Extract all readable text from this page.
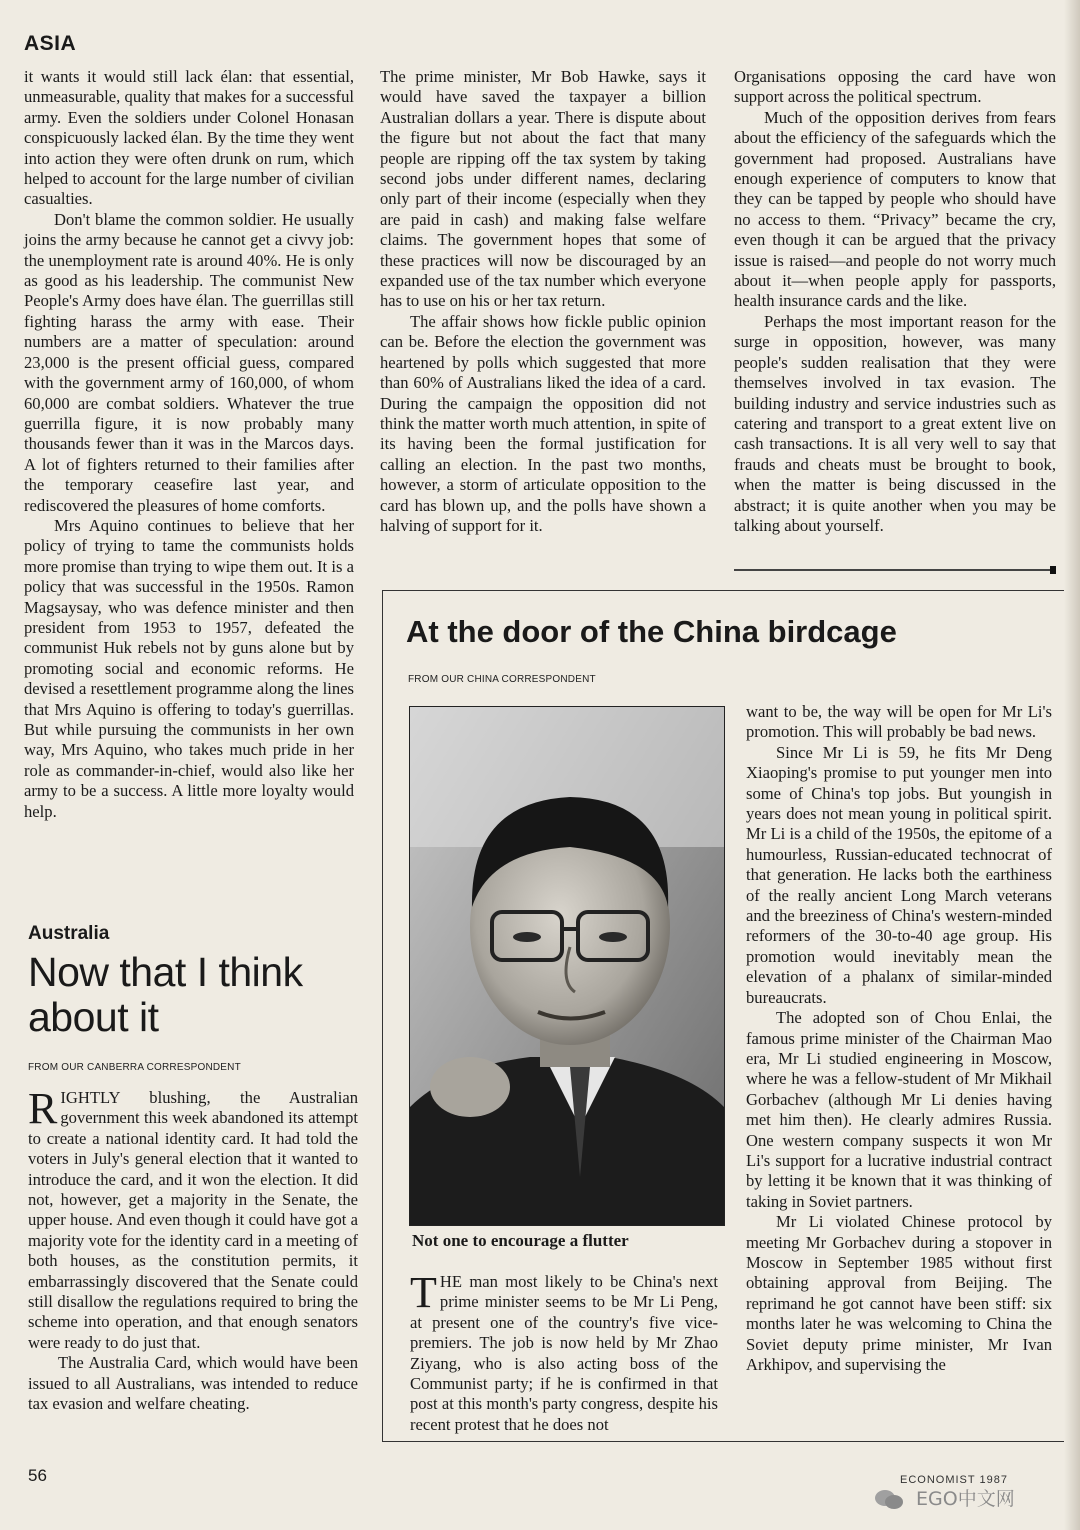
ASIA

it wants it would still lack élan: that essential, unmeasurable, quality that makes for a successful army. Even the soldiers under Colonel Honasan conspicuously lacked élan. By the time they went into action they were often drunk on rum, which helped to account for the large number of civilian casualties.

Don't blame the common soldier. He usually joins the army because he cannot get a civvy job: the unemployment rate is around 40%. He is only as good as his leadership. The communist New People's Army does have élan. The guerrillas still fighting harass the army with ease. Their numbers are a matter of speculation: around 23,000 is the present official guess, compared with the government army of 160,000, of whom 60,000 are combat soldiers. Whatever the true guerrilla figure, it is now probably many thousands fewer than it was in the Marcos days. A lot of fighters returned to their families after the temporary ceasefire last year, and rediscovered the pleasures of home comforts.

Mrs Aquino continues to believe that her policy of trying to tame the communists holds more promise than trying to wipe them out. It is a policy that was successful in the 1950s. Ramon Magsaysay, who was defence minister and then president from 1953 to 1957, defeated the communist Huk rebels not by guns alone but by promoting social and economic reforms. He devised a resettlement programme along the lines that Mrs Aquino is offering to today's guerrillas. But while pursuing the communists in her own way, Mrs Aquino, who takes much pride in her role as commander-in-chief, would also like her army to be a success. A little more loyalty would help.

Australia
Now that I think about it
FROM OUR CANBERRA CORRESPONDENT

RIGHTLY blushing, the Australian government this week abandoned its attempt to create a national identity card. It had told the voters in July's general election that it wanted to introduce the card, and it won the election. It did not, however, get a majority in the Senate, the upper house. And even though it could have got a majority vote for the identity card in a meeting of both houses, as the constitution permits, it embarrassingly discovered that the Senate could still disallow the regulations required to bring the scheme into operation, and that enough senators were ready to do just that.

The Australia Card, which would have been issued to all Australians, was intended to reduce tax evasion and welfare cheating.

The prime minister, Mr Bob Hawke, says it would have saved the taxpayer a billion Australian dollars a year. There is dispute about the figure but not about the fact that many people are ripping off the tax system by taking second jobs under different names, declaring only part of their income (especially when they are paid in cash) and making false welfare claims. The government hopes that some of these practices will now be discouraged by an expanded use of the tax number which everyone has to use on his or her tax return.

The affair shows how fickle public opinion can be. Before the election the government was heartened by polls which suggested that more than 60% of Australians liked the idea of a card. During the campaign the opposition did not think the matter worth much attention, in spite of its having been the formal justification for calling an election. In the past two months, however, a storm of articulate opposition to the card has blown up, and the polls have shown a halving of support for it.

Organisations opposing the card have won support across the political spectrum.

Much of the opposition derives from fears about the efficiency of the safeguards which the government had proposed. Australians have enough experience of computers to know that they can be tapped by people who should have no access to them. “Privacy” became the cry, even though it can be argued that the privacy issue is raised—and people do not worry much about it—when people apply for passports, health insurance cards and the like.

Perhaps the most important reason for the surge in opposition, however, was many people's sudden realisation that they were themselves involved in tax evasion. The building industry and service industries such as catering and transport to a great extent live on cash transactions. It is all very well to say that frauds and cheats must be brought to book, when the matter is being discussed in the abstract; it is quite another when you may be talking about yourself.

At the door of the China birdcage
FROM OUR CHINA CORRESPONDENT
Not one to encourage a flutter

THE man most likely to be China's next prime minister seems to be Mr Li Peng, at present one of the country's five vice-premiers. The job is now held by Mr Zhao Ziyang, who is also acting boss of the Communist party; if he is confirmed in that post at this month's party congress, despite his recent protest that he does not

want to be, the way will be open for Mr Li's promotion. This will probably be bad news.

Since Mr Li is 59, he fits Mr Deng Xiaoping's promise to put younger men into some of China's top jobs. But youngish in years does not mean young in political spirit. Mr Li is a child of the 1950s, the epitome of a humourless, Russian-educated technocrat of that generation. He lacks both the earthiness of the really ancient Long March veterans and the breeziness of China's western-minded reformers of the 30-to-40 age group. His promotion would inevitably mean the elevation of a phalanx of similar-minded bureaucrats.

The adopted son of Chou Enlai, the famous prime minister of the Chairman Mao era, Mr Li studied engineering in Moscow, where he was a fellow-student of Mr Mikhail Gorbachev (although Mr Li denies having met him then). He clearly admires Russia. One western company suspects it won Mr Li's support for a lucrative industrial contract by letting it be known that it was thinking of taking in Soviet partners.

Mr Li violated Chinese protocol by meeting Mr Gorbachev during a stopover in Moscow in September 1985 without first obtaining approval from Beijing. The reprimand he got cannot have been stiff: six months later he was welcoming to China the Soviet deputy prime minister, Mr Ivan Arkhipov, and supervising the

56	ECONOMIST 1987
EGO中文网
